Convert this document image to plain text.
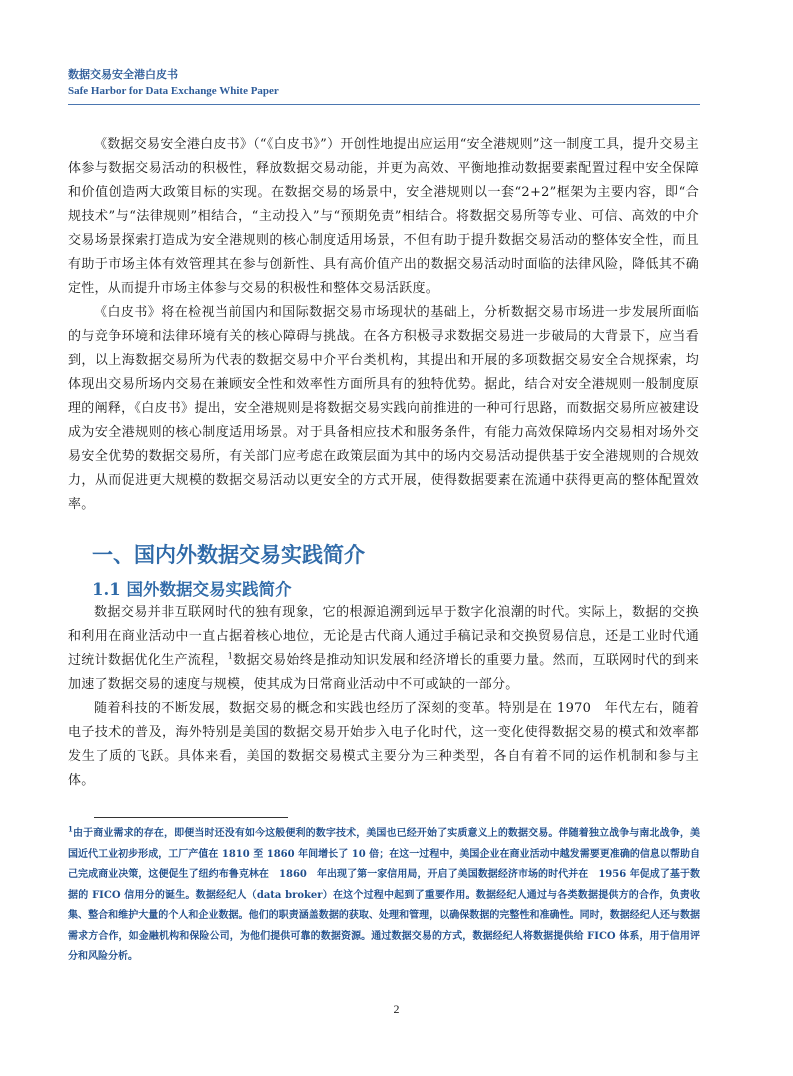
数据交易安全港白皮书
Safe Harbor for Data Exchange White Paper

《数据交易安全港白皮书》（“《白皮书》”）开创性地提出应运用“安全港规则”这一制度工具，提升交易主体参与数据交易活动的积极性，释放数据交易动能，并更为高效、平衡地推动数据要素配置过程中安全保障和价值创造两大政策目标的实现。在数据交易的场景中，安全港规则以一套“2+2”框架为主要内容，即“合规技术”与“法律规则”相结合，“主动投入”与“预期免责”相结合。将数据交易所等专业、可信、高效的中介交易场景探索打造成为安全港规则的核心制度适用场景，不但有助于提升数据交易活动的整体安全性，而且有助于市场主体有效管理其在参与创新性、具有高价值产出的数据交易活动时面临的法律风险，降低其不确定性，从而提升市场主体参与交易的积极性和整体交易活跃度。

《白皮书》将在检视当前国内和国际数据交易市场现状的基础上，分析数据交易市场进一步发展所面临的与竞争环境和法律环境有关的核心障碍与挑战。在各方积极寻求数据交易进一步破局的大背景下，应当看到，以上海数据交易所为代表的数据交易中介平台类机构，其提出和开展的多项数据交易安全合规探索，均体现出交易所场内交易在兼顾安全性和效率性方面所具有的独特优势。据此，结合对安全港规则一般制度原理的阐释，《白皮书》提出，安全港规则是将数据交易实践向前推进的一种可行思路，而数据交易所应被建设成为安全港规则的核心制度适用场景。对于具备相应技术和服务条件，有能力高效保障场内交易相对场外交易安全优势的数据交易所，有关部门应考虑在政策层面为其中的场内交易活动提供基于安全港规则的合规效力，从而促进更大规模的数据交易活动以更安全的方式开展，使得数据要素在流通中获得更高的整体配置效率。

一、国内外数据交易实践简介
1.1 国外数据交易实践简介

数据交易并非互联网时代的独有现象，它的根源追溯到远早于数字化浪潮的时代。实际上，数据的交换和利用在商业活动中一直占据着核心地位，无论是古代商人通过手稿记录和交换贸易信息，还是工业时代通过统计数据优化生产流程，$^1$数据交易始终是推动知识发展和经济增长的重要力量。然而，互联网时代的到来加速了数据交易的速度与规模，使其成为日常商业活动中不可或缺的一部分。

随着科技的不断发展，数据交易的概念和实践也经历了深刻的变革。特别是在 1970　年代左右，随着电子技术的普及，海外特别是美国的数据交易开始步入电子化时代，这一变化使得数据交易的模式和效率都发生了质的飞跃。具体来看，美国的数据交易模式主要分为三种类型，各自有着不同的运作机制和参与主体。

$^1$由于商业需求的存在，即便当时还没有如今这般便利的数字技术，美国也已经开始了实质意义上的数据交易。伴随着独立战争与南北战争，美国近代工业初步形成，工厂产值在 1810 至 1860 年间增长了 10 倍；在这一过程中，美国企业在商业活动中越发需要更准确的信息以帮助自己完成商业决策，这便促生了纽约布鲁克林在　1860　年出现了第一家信用局，开启了美国数据经济市场的时代并在　1956 年促成了基于数据的 FICO 信用分的诞生。数据经纪人（data broker）在这个过程中起到了重要作用。数据经纪人通过与各类数据提供方的合作，负责收集、整合和维护大量的个人和企业数据。他们的职责涵盖数据的获取、处理和管理，以确保数据的完整性和准确性。同时，数据经纪人还与数据需求方合作，如金融机构和保险公司，为他们提供可靠的数据资源。通过数据交易的方式，数据经纪人将数据提供给 FICO 体系，用于信用评分和风险分析。
2
